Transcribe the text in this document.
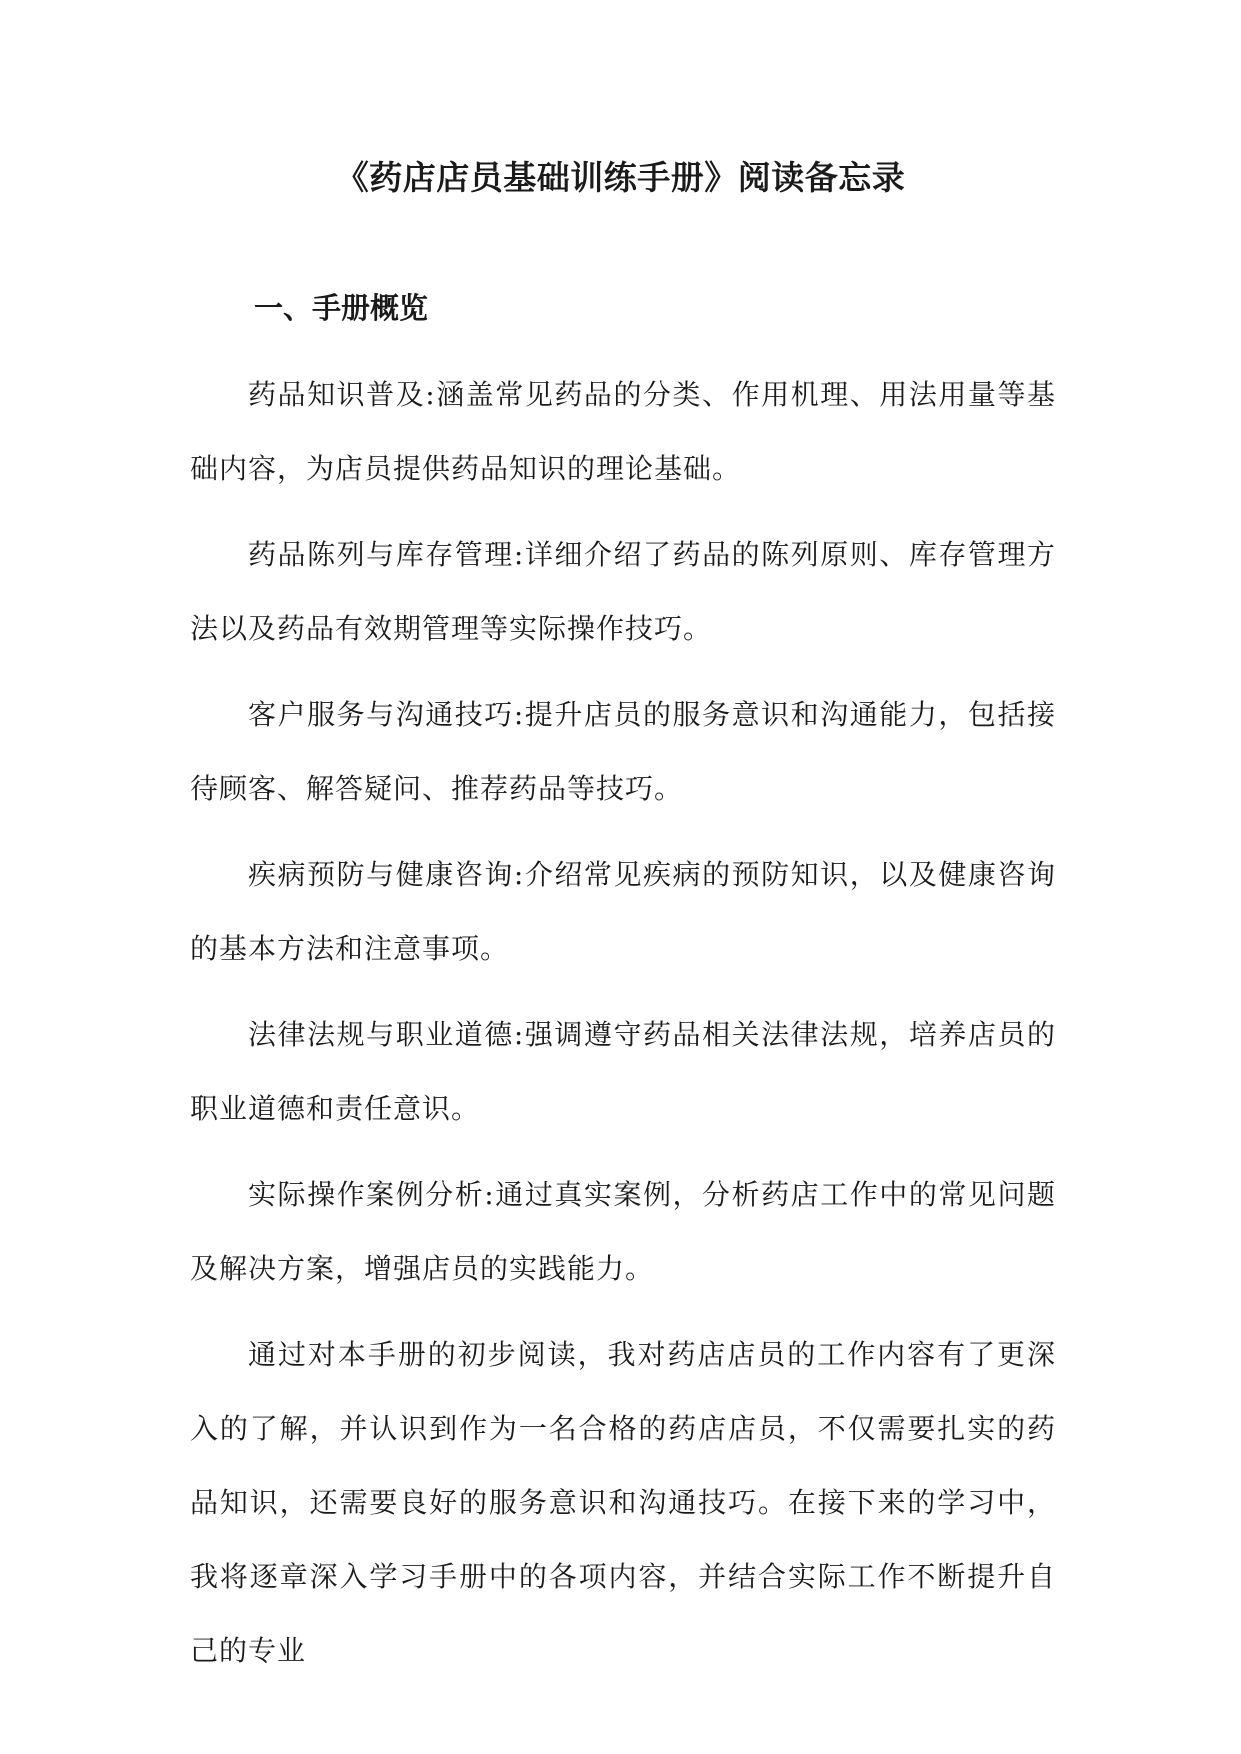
《药店店员基础训练手册》阅读备忘录
一、手册概览

药品知识普及:涵盖常见药品的分类、作用机理、用法用量等基础内容，为店员提供药品知识的理论基础。

药品陈列与库存管理:详细介绍了药品的陈列原则、库存管理方法以及药品有效期管理等实际操作技巧。

客户服务与沟通技巧:提升店员的服务意识和沟通能力，包括接待顾客、解答疑问、推荐药品等技巧。

疾病预防与健康咨询:介绍常见疾病的预防知识，以及健康咨询的基本方法和注意事项。

法律法规与职业道德:强调遵守药品相关法律法规，培养店员的职业道德和责任意识。

实际操作案例分析:通过真实案例，分析药店工作中的常见问题及解决方案，增强店员的实践能力。

通过对本手册的初步阅读，我对药店店员的工作内容有了更深入的了解，并认识到作为一名合格的药店店员，不仅需要扎实的药品知识，还需要良好的服务意识和沟通技巧。在接下来的学习中，我将逐章深入学习手册中的各项内容，并结合实际工作不断提升自己的专业
